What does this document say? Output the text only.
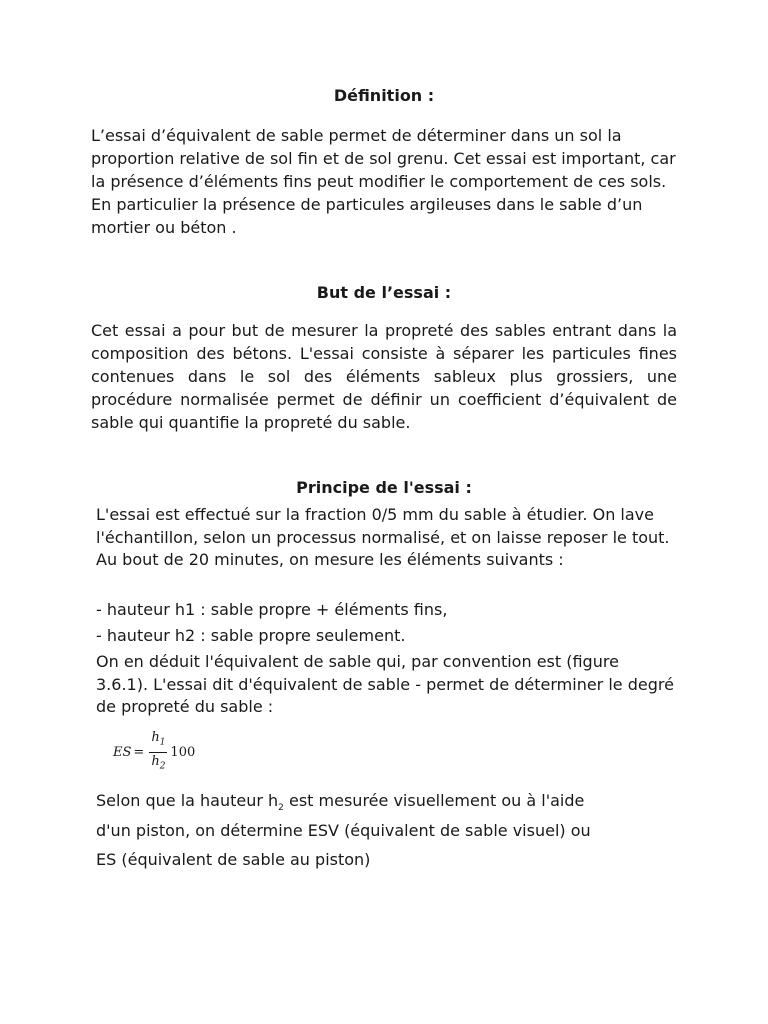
Définition :

L’essai d’équivalent de sable permet de déterminer dans un sol la proportion relative de sol fin et de sol grenu. Cet essai est important, car la présence d’éléments fins peut modifier le comportement de ces sols. En particulier la présence de particules argileuses dans le sable d’un mortier ou béton .

But de l’essai :

Cet essai a pour but de mesurer la propreté des sables entrant dans la composition des bétons. L'essai consiste à séparer les particules fines contenues dans le sol des éléments sableux plus grossiers, une procédure normalisée permet de définir un coefficient d’équivalent de sable qui quantifie la propreté du sable.

Principe de l'essai :

L'essai est effectué sur la fraction 0/5 mm du sable à étudier. On lave l'échantillon, selon un processus normalisé, et on laisse reposer le tout. Au bout de 20 minutes, on mesure les éléments suivants :

- hauteur h1 : sable propre + éléments fins,
- hauteur h2 : sable propre seulement.

On en déduit l'équivalent de sable qui, par convention est (figure 3.6.1). L'essai dit d'équivalent de sable - permet de déterminer le degré de propreté du sable :

ES = $\frac{h_1}{h_2} 100$
Selon que la hauteur $h_2$ est mesurée visuellement ou à l'aide
d'un piston, on détermine ESV (équivalent de sable visuel) ou
ES (équivalent de sable au piston)
